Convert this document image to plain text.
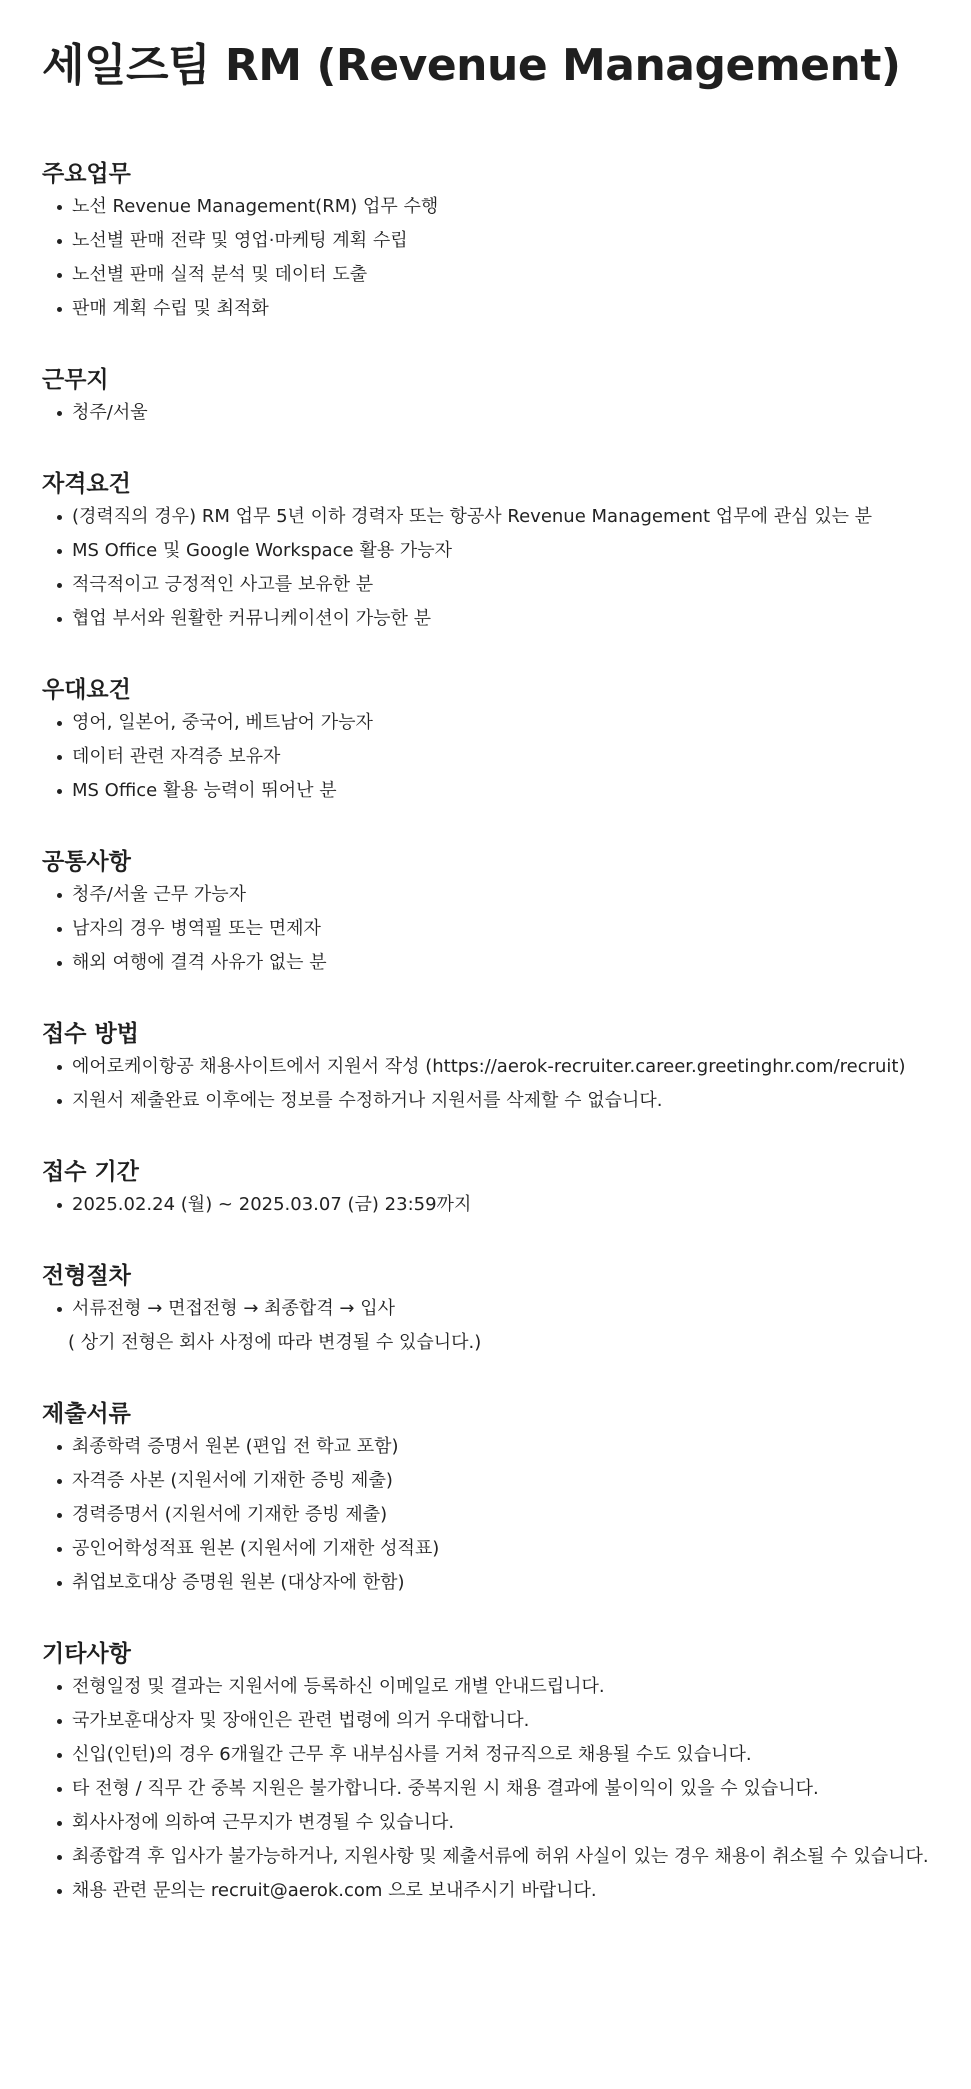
세일즈팀 RM (Revenue Management)
주요업무
노선 Revenue Management(RM) 업무 수행
노선별 판매 전략 및 영업·마케팅 계획 수립
노선별 판매 실적 분석 및 데이터 도출
판매 계획 수립 및 최적화
근무지
청주/서울
자격요건
(경력직의 경우) RM 업무 5년 이하 경력자 또는 항공사 Revenue Management 업무에 관심 있는 분
MS Office 및 Google Workspace 활용 가능자
적극적이고 긍정적인 사고를 보유한 분
협업 부서와 원활한 커뮤니케이션이 가능한 분
우대요건
영어, 일본어, 중국어, 베트남어 가능자
데이터 관련 자격증 보유자
MS Office 활용 능력이 뛰어난 분
공통사항
청주/서울 근무 가능자
남자의 경우 병역필 또는 면제자
해외 여행에 결격 사유가 없는 분
접수 방법
에어로케이항공 채용사이트에서 지원서 작성 (https://aerok-recruiter.career.greetinghr.com/recruit)
지원서 제출완료 이후에는 정보를 수정하거나 지원서를 삭제할 수 없습니다.
접수 기간
2025.02.24 (월) ~ 2025.03.07 (금) 23:59까지
전형절차
서류전형 → 면접전형 → 최종합격 → 입사
( 상기 전형은 회사 사정에 따라 변경될 수 있습니다.)
제출서류
최종학력 증명서 원본 (편입 전 학교 포함)
자격증 사본 (지원서에 기재한 증빙 제출)
경력증명서 (지원서에 기재한 증빙 제출)
공인어학성적표 원본 (지원서에 기재한 성적표)
취업보호대상 증명원 원본 (대상자에 한함)
기타사항
전형일정 및 결과는 지원서에 등록하신 이메일로 개별 안내드립니다.
국가보훈대상자 및 장애인은 관련 법령에 의거 우대합니다.
신입(인턴)의 경우 6개월간 근무 후 내부심사를 거쳐 정규직으로 채용될 수도 있습니다.
타 전형 / 직무 간 중복 지원은 불가합니다. 중복지원 시 채용 결과에 불이익이 있을 수 있습니다.
회사사정에 의하여 근무지가 변경될 수 있습니다.
최종합격 후 입사가 불가능하거나, 지원사항 및 제출서류에 허위 사실이 있는 경우 채용이 취소될 수 있습니다.
채용 관련 문의는 recruit@aerok.com 으로 보내주시기 바랍니다.
